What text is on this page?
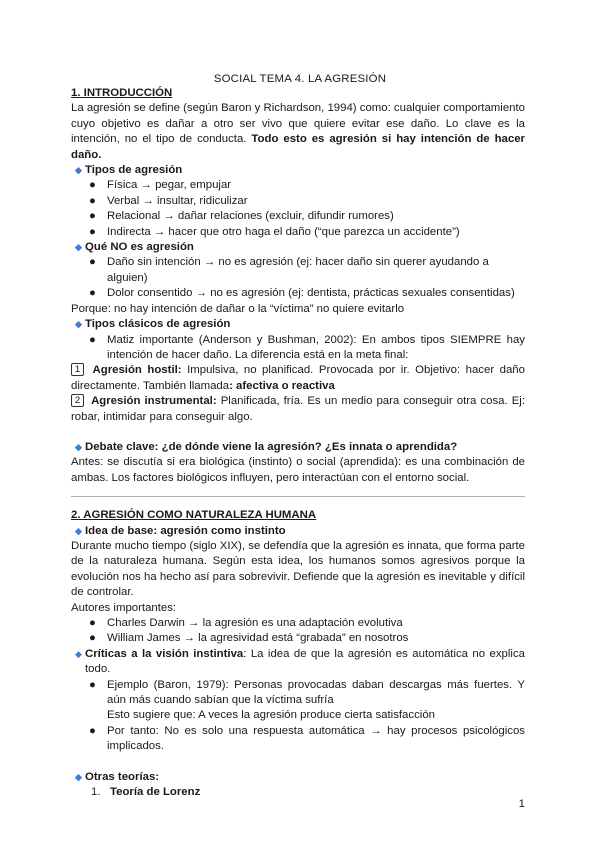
SOCIAL TEMA 4. LA AGRESIÓN
1. INTRODUCCIÓN
La agresión se define (según Baron y Richardson, 1994) como: cualquier comportamiento cuyo objetivo es dañar a otro ser vivo que quiere evitar ese daño. Lo clave es la intención, no el tipo de conducta. Todo esto es agresión si hay intención de hacer daño.
◆ Tipos de agresión
● Física → pegar, empujar
● Verbal → insultar, ridiculizar
● Relacional → dañar relaciones (excluir, difundir rumores)
● Indirecta → hacer que otro haga el daño (“que parezca un accidente”)
◆ Qué NO es agresión
● Daño sin intención → no es agresión (ej: hacer daño sin querer ayudando a alguien)
● Dolor consentido → no es agresión (ej: dentista, prácticas sexuales consentidas)
Porque: no hay intención de dañar o la “víctima” no quiere evitarlo
◆ Tipos clásicos de agresión
● Matiz importante (Anderson y Bushman, 2002): En ambos tipos SIEMPRE hay intención de hacer daño. La diferencia está en la meta final:
1 Agresión hostil: Impulsiva, no planificad. Provocada por ir. Objetivo: hacer daño directamente. También llamada: afectiva o reactiva
2 Agresión instrumental: Planificada, fría. Es un medio para conseguir otra cosa. Ej: robar, intimidar para conseguir algo.
◆ Debate clave: ¿de dónde viene la agresión? ¿Es innata o aprendida?
Antes: se discutía si era biológica (instinto) o social (aprendida): es una combinación de ambas. Los factores biológicos influyen, pero interactúan con el entorno social.
2. AGRESIÓN COMO NATURALEZA HUMANA
◆ Idea de base: agresión como instinto
Durante mucho tiempo (siglo XIX), se defendía que la agresión es innata, que forma parte de la naturaleza humana. Según esta idea, los humanos somos agresivos porque la evolución nos ha hecho así para sobrevivir. Defiende que la agresión es inevitable y difícil de controlar.
Autores importantes:
● Charles Darwin → la agresión es una adaptación evolutiva
● William James → la agresividad está “grabada” en nosotros
◆ Críticas a la visión instintiva: La idea de que la agresión es automática no explica todo.
● Ejemplo (Baron, 1979): Personas provocadas daban descargas más fuertes. Y aún más cuando sabían que la víctima sufría
Esto sugiere que: A veces la agresión produce cierta satisfacción
● Por tanto: No es solo una respuesta automática → hay procesos psicológicos implicados.
◆ Otras teorías:
1. Teoría de Lorenz
1
